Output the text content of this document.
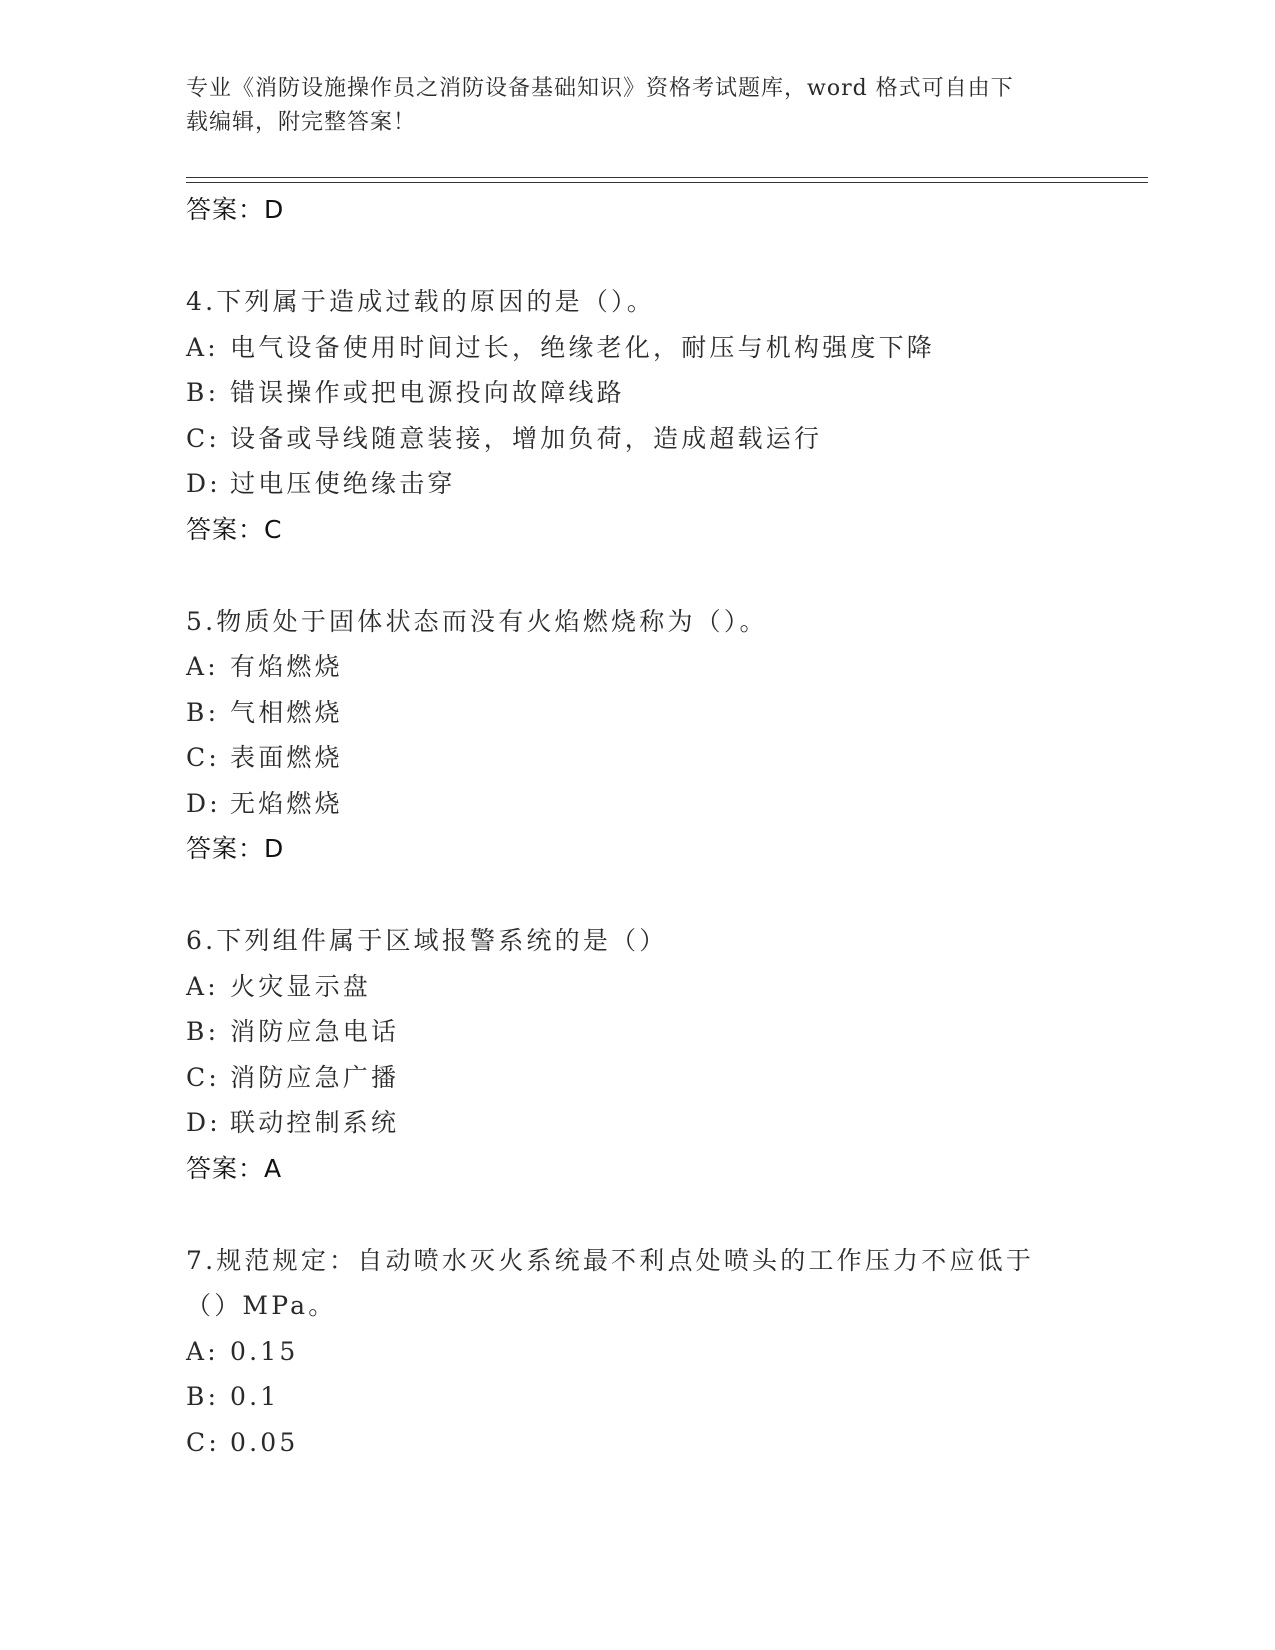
专业《消防设施操作员之消防设备基础知识》资格考试题库，word 格式可自由下
载编辑，附完整答案！
答案：D
4.下列属于造成过载的原因的是（）。
A: 电气设备使用时间过长，绝缘老化，耐压与机构强度下降
B: 错误操作或把电源投向故障线路
C: 设备或导线随意装接，增加负荷，造成超载运行
D: 过电压使绝缘击穿
答案：C
5.物质处于固体状态而没有火焰燃烧称为（）。
A: 有焰燃烧
B: 气相燃烧
C: 表面燃烧
D: 无焰燃烧
答案：D
6.下列组件属于区域报警系统的是（）
A: 火灾显示盘
B: 消防应急电话
C: 消防应急广播
D: 联动控制系统
答案：A
7.规范规定：自动喷水灭火系统最不利点处喷头的工作压力不应低于
（）MPa。
A: 0.15
B: 0.1
C: 0.05
